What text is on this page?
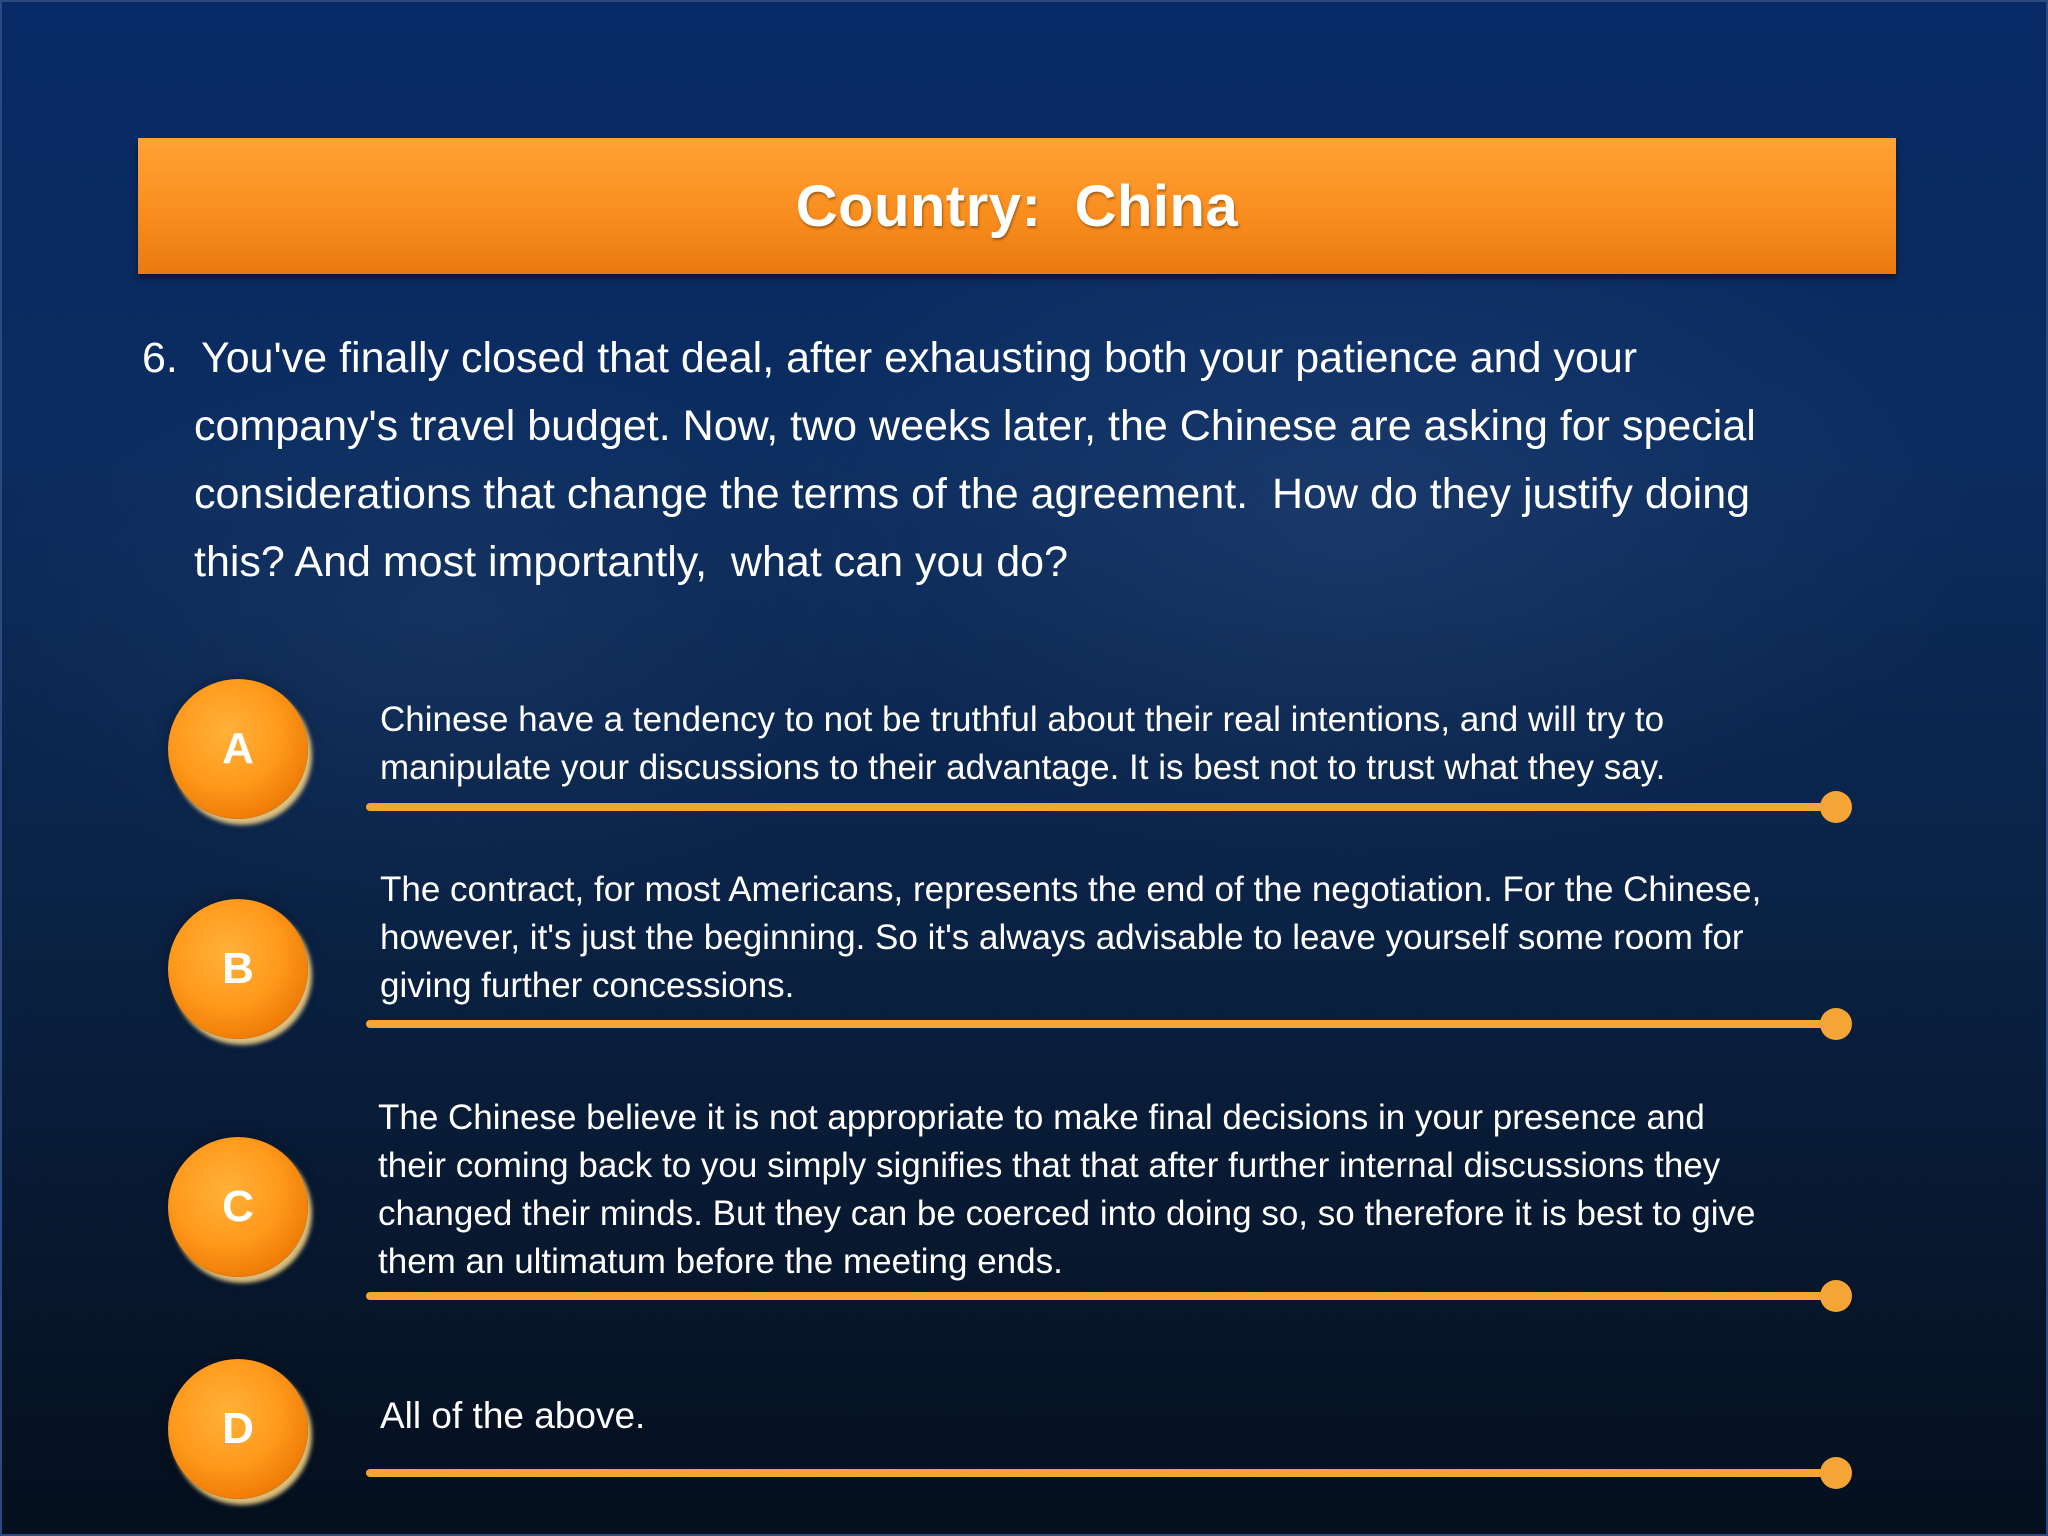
Country:  China
6.  You've finally closed that deal, after exhausting both your patience and your
company's travel budget. Now, two weeks later, the Chinese are asking for special
considerations that change the terms of the agreement.  How do they justify doing
this? And most importantly,  what can you do?
A
Chinese have a tendency to not be truthful about their real intentions, and will try to
manipulate your discussions to their advantage. It is best not to trust what they say.
B
The contract, for most Americans, represents the end of the negotiation. For the Chinese,
however, it's just the beginning. So it's always advisable to leave yourself some room for
giving further concessions.
C
The Chinese believe it is not appropriate to make final decisions in your presence and
their coming back to you simply signifies that that after further internal discussions they
changed their minds. But they can be coerced into doing so, so therefore it is best to give
them an ultimatum before the meeting ends.
D	All of the above.
